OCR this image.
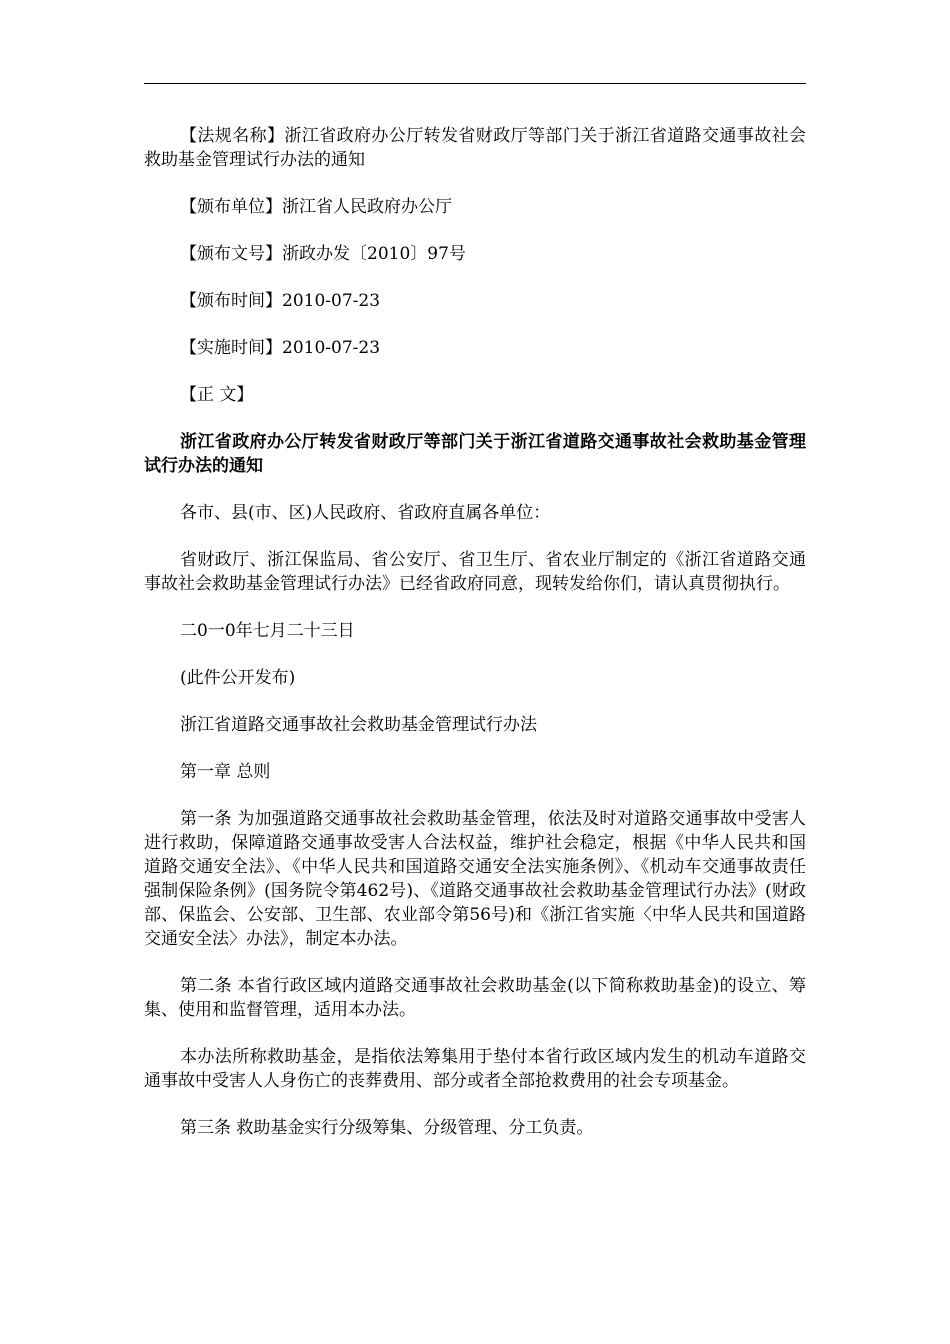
【法规名称】浙江省政府办公厅转发省财政厅等部门关于浙江省道路交通事故社会救助基金管理试行办法的通知

【颁布单位】浙江省人民政府办公厅

【颁布文号】浙政办发〔2010〕97号

【颁布时间】2010-07-23

【实施时间】2010-07-23

【正 文】

浙江省政府办公厅转发省财政厅等部门关于浙江省道路交通事故社会救助基金管理试行办法的通知

各市、县(市、区)人民政府、省政府直属各单位：

省财政厅、浙江保监局、省公安厅、省卫生厅、省农业厅制定的《浙江省道路交通事故社会救助基金管理试行办法》已经省政府同意，现转发给你们，请认真贯彻执行。

二0一0年七月二十三日

(此件公开发布)

浙江省道路交通事故社会救助基金管理试行办法

第一章 总则

第一条 为加强道路交通事故社会救助基金管理，依法及时对道路交通事故中受害人进行救助，保障道路交通事故受害人合法权益，维护社会稳定，根据《中华人民共和国道路交通安全法》、《中华人民共和国道路交通安全法实施条例》、《机动车交通事故责任强制保险条例》(国务院令第462号)、《道路交通事故社会救助基金管理试行办法》(财政部、保监会、公安部、卫生部、农业部令第56号)和《浙江省实施〈中华人民共和国道路交通安全法〉办法》，制定本办法。

第二条 本省行政区域内道路交通事故社会救助基金(以下简称救助基金)的设立、筹集、使用和监督管理，适用本办法。

本办法所称救助基金，是指依法筹集用于垫付本省行政区域内发生的机动车道路交通事故中受害人人身伤亡的丧葬费用、部分或者全部抢救费用的社会专项基金。

第三条 救助基金实行分级筹集、分级管理、分工负责。
